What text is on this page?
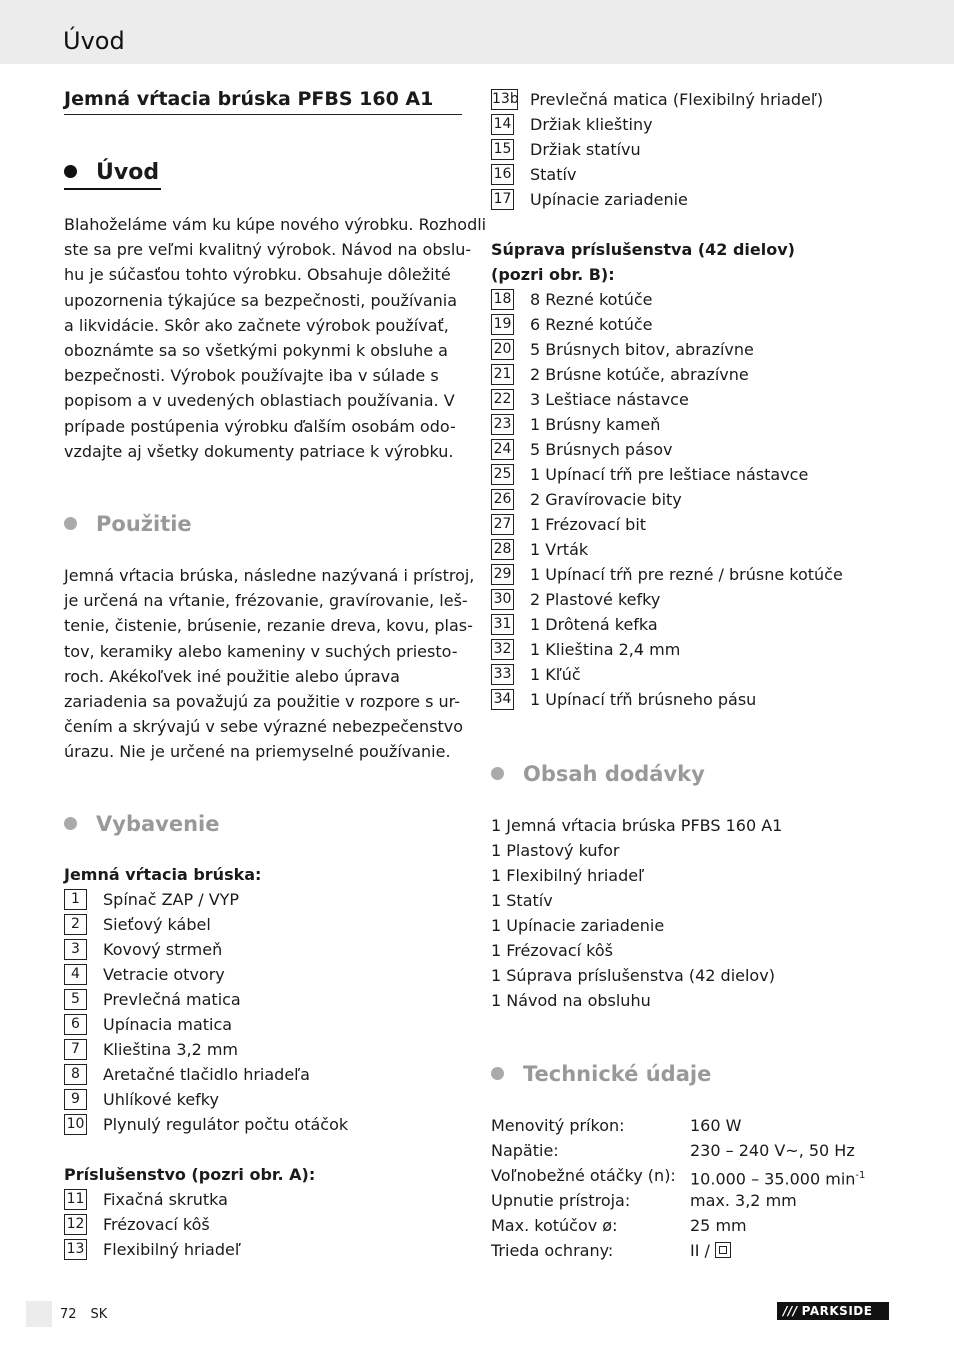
Úvod
Jemná vŕtacia brúska PFBS 160 A1
Úvod
Blahoželáme vám ku kúpe nového výrobku. Rozhodli
ste sa pre veľmi kvalitný výrobok. Návod na obslu-
hu je súčasťou tohto výrobku. Obsahuje dôležité
upozornenia týkajúce sa bezpečnosti, používania
a likvidácie. Skôr ako začnete výrobok používať,
oboznámte sa so všetkými pokynmi k obsluhe a
bezpečnosti. Výrobok používajte iba v súlade s
popisom a v uvedených oblastiach používania. V
prípade postúpenia výrobku ďalším osobám odo-
vzdajte aj všetky dokumenty patriace k výrobku.
Použitie
Jemná vŕtacia brúska, následne nazývaná i prístroj,
je určená na vŕtanie, frézovanie, gravírovanie, leš-
tenie, čistenie, brúsenie, rezanie dreva, kovu, plas-
tov, keramiky alebo kameniny v suchých priesto-
roch. Akékoľvek iné použitie alebo úprava
zariadenia sa považujú za použitie v rozpore s ur-
čením a skrývajú v sebe výrazné nebezpečenstvo
úrazu. Nie je určené na priemyselné používanie.
Vybavenie
Jemná vŕtacia brúska:
1 Spínač ZAP / VYP
2 Sieťový kábel
3 Kovový strmeň
4 Vetracie otvory
5 Prevlečná matica
6 Upínacia matica
7 Klieština 3,2 mm
8 Aretačné tlačidlo hriadeľa
9 Uhlíkové kefky
10 Plynulý regulátor počtu otáčok
Príslušenstvo (pozri obr. A):
11 Fixačná skrutka
12 Frézovací kôš
13 Flexibilný hriadeľ
13b Prevlečná matica (Flexibilný hriadeľ)
14 Držiak klieštiny
15 Držiak statívu
16 Statív
17 Upínacie zariadenie
Súprava príslušenstva (42 dielov)
(pozri obr. B):
18 8 Rezné kotúče
19 6 Rezné kotúče
20 5 Brúsnych bitov, abrazívne
21 2 Brúsne kotúče, abrazívne
22 3 Leštiace nástavce
23 1 Brúsny kameň
24 5 Brúsnych pásov
25 1 Upínací tŕň pre leštiace nástavce
26 2 Gravírovacie bity
27 1 Frézovací bit
28 1 Vrták
29 1 Upínací tŕň pre rezné / brúsne kotúče
30 2 Plastové kefky
31 1 Drôtená kefka
32 1 Klieština 2,4 mm
33 1 Kľúč
34 1 Upínací tŕň brúsneho pásu
Obsah dodávky
1 Jemná vŕtacia brúska PFBS 160 A1
1 Plastový kufor
1 Flexibilný hriadeľ
1 Statív
1 Upínacie zariadenie
1 Frézovací kôš
1 Súprava príslušenstva (42 dielov)
1 Návod na obsluhu
Technické údaje
Menovitý príkon:	160 W
Napätie:	230 – 240 V~, 50 Hz
Voľnobežné otáčky (n): 10.000 – 35.000 $\min^{-1}$
Upnutie prístroja:	max. 3,2 mm
Max. kotúčov ø:	25 mm
Trieda ochrany:	II /
72 SK	/// PARKSIDE
